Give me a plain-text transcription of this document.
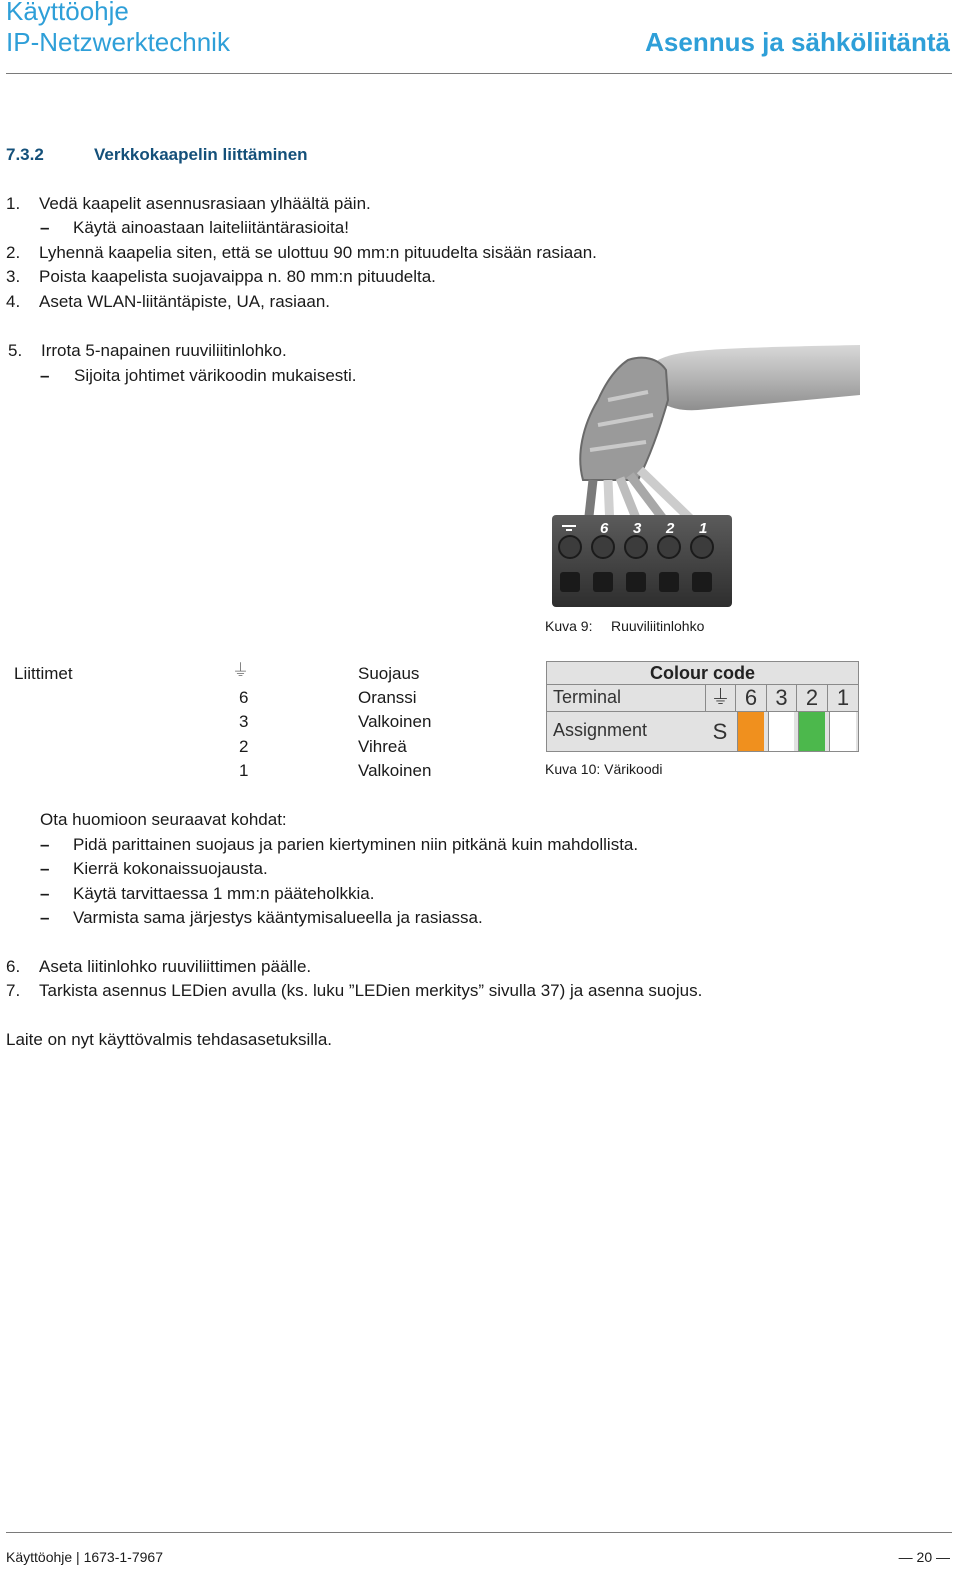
Käyttöohje
IP-Netzwerktechnik	Asennus ja sähköliitäntä
7.3.2	Verkkokaapelin liittäminen
1. Vedä kaapelit asennusrasiaan ylhäältä päin.
– Käytä ainoastaan laiteliitäntärasioita!
2. Lyhennä kaapelia siten, että se ulottuu 90 mm:n pituudelta sisään rasiaan.
3. Poista kaapelista suojavaippa n. 80 mm:n pituudelta.
4. Aseta WLAN-liitäntäpiste, UA, rasiaan.
5. Irrota 5-napainen ruuviliitinlohko.
– Sijoita johtimet värikoodin mukaisesti.
6 3 2 1
Kuva 9: Ruuviliitinlohko
Liittimet	⏚	Suojaus
6	Oranssi
3	Valkoinen
2	Vihreä
1	Valkoinen
Colour code
Terminal	⏚ 6 3 2 1
Assignment	S
Kuva 10: Värikoodi
Ota huomioon seuraavat kohdat:
– Pidä parittainen suojaus ja parien kiertyminen niin pitkänä kuin mahdollista.
– Kierrä kokonaissuojausta.
– Käytä tarvittaessa 1 mm:n pääteholkkia.
– Varmista sama järjestys kääntymisalueella ja rasiassa.
6. Aseta liitinlohko ruuviliittimen päälle.
7. Tarkista asennus LEDien avulla (ks. luku ”LEDien merkitys” sivulla 37) ja asenna suojus.
Laite on nyt käyttövalmis tehdasasetuksilla.
Käyttöohje | 1673-1-7967	— 20 —
